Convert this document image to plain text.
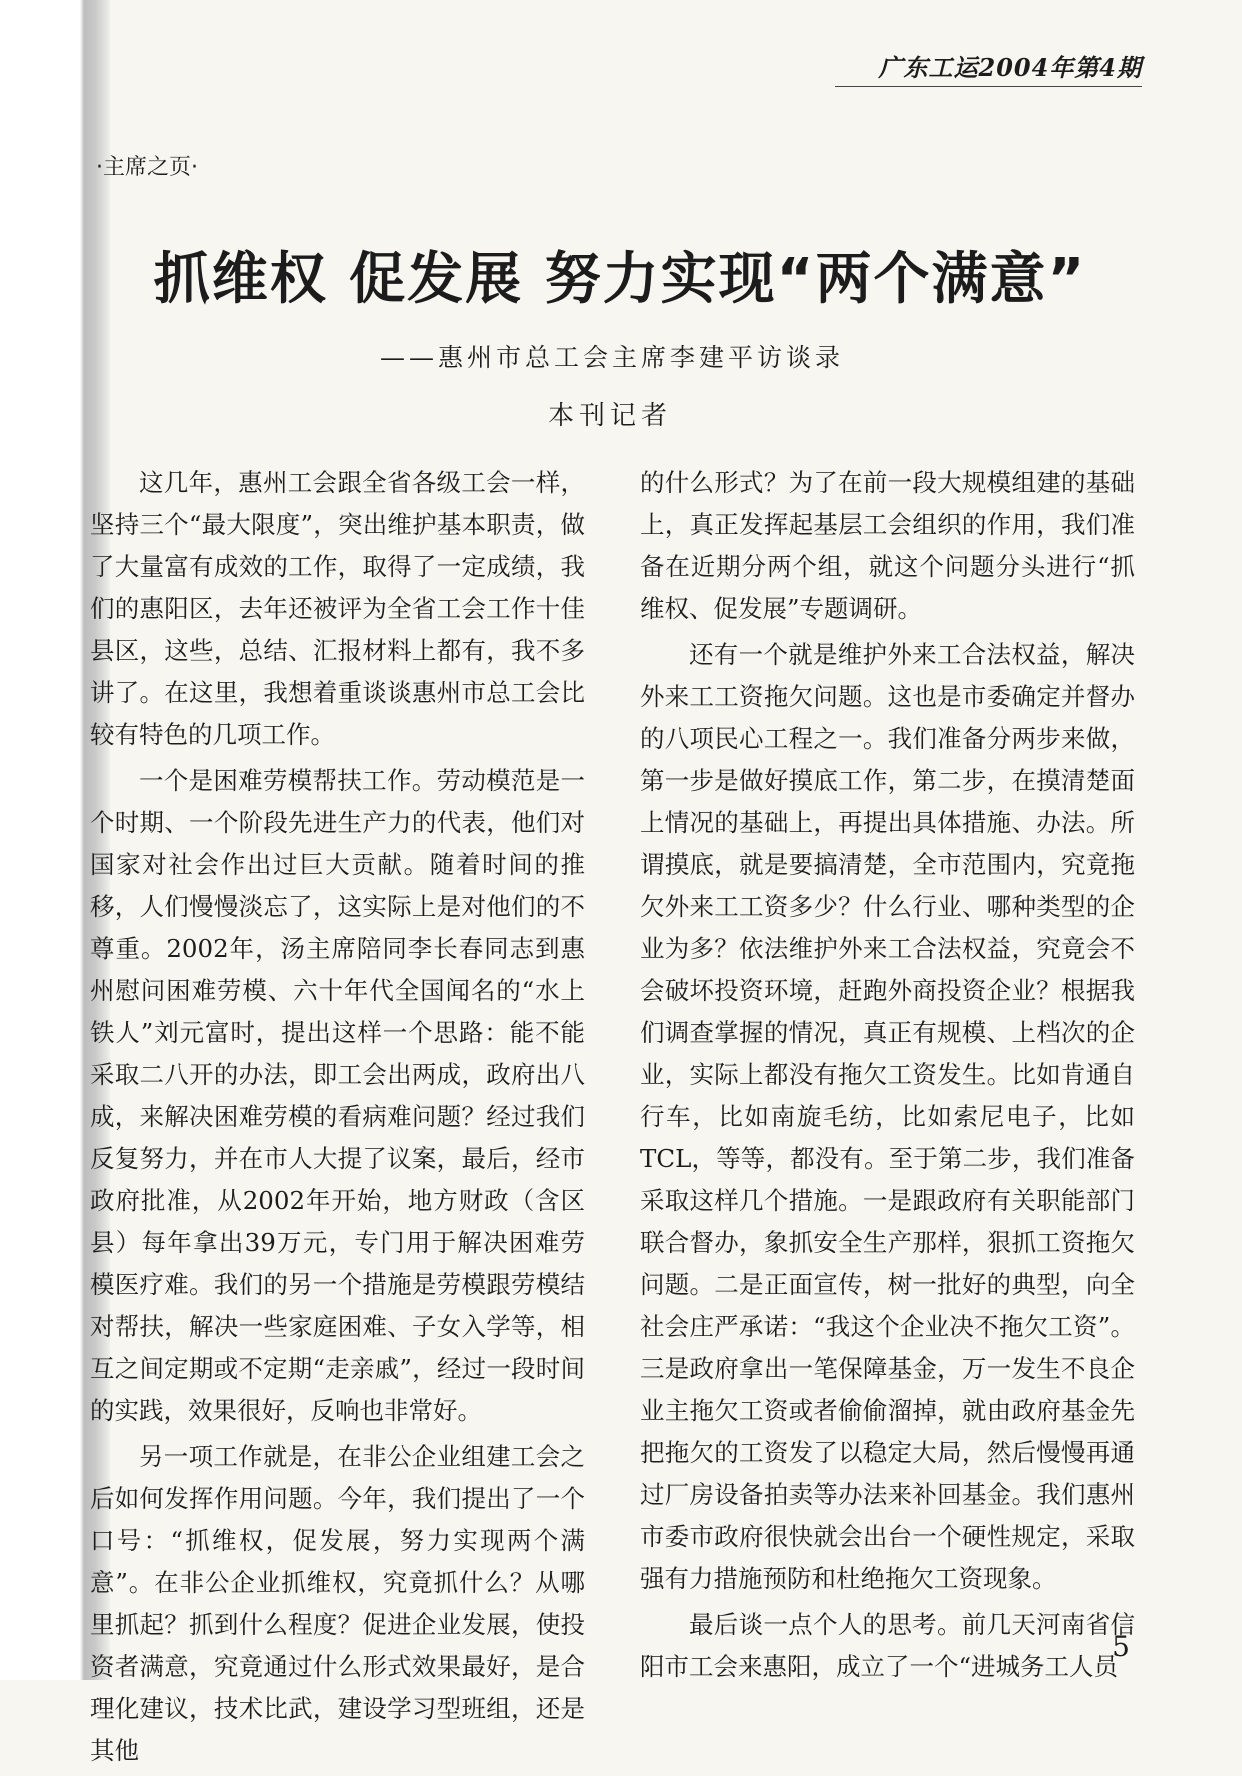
广东工运2004年第4期
·主席之页·
抓维权 促发展 努力实现“两个满意”
——惠州市总工会主席李建平访谈录
本刊记者

这几年，惠州工会跟全省各级工会一样，坚持三个“最大限度”，突出维护基本职责，做了大量富有成效的工作，取得了一定成绩，我们的惠阳区，去年还被评为全省工会工作十佳县区，这些，总结、汇报材料上都有，我不多讲了。在这里，我想着重谈谈惠州市总工会比较有特色的几项工作。

一个是困难劳模帮扶工作。劳动模范是一个时期、一个阶段先进生产力的代表，他们对国家对社会作出过巨大贡献。随着时间的推移，人们慢慢淡忘了，这实际上是对他们的不尊重。2002年，汤主席陪同李长春同志到惠州慰问困难劳模、六十年代全国闻名的“水上铁人”刘元富时，提出这样一个思路：能不能采取二八开的办法，即工会出两成，政府出八成，来解决困难劳模的看病难问题？经过我们反复努力，并在市人大提了议案，最后，经市政府批准，从2002年开始，地方财政（含区县）每年拿出39万元，专门用于解决困难劳模医疗难。我们的另一个措施是劳模跟劳模结对帮扶，解决一些家庭困难、子女入学等，相互之间定期或不定期“走亲戚”，经过一段时间的实践，效果很好，反响也非常好。

另一项工作就是，在非公企业组建工会之后如何发挥作用问题。今年，我们提出了一个口号：“抓维权，促发展，努力实现两个满意”。在非公企业抓维权，究竟抓什么？从哪里抓起？抓到什么程度？促进企业发展，使投资者满意，究竟通过什么形式效果最好，是合理化建议，技术比武，建设学习型班组，还是其他

的什么形式？为了在前一段大规模组建的基础上，真正发挥起基层工会组织的作用，我们准备在近期分两个组，就这个问题分头进行“抓维权、促发展”专题调研。

还有一个就是维护外来工合法权益，解决外来工工资拖欠问题。这也是市委确定并督办的八项民心工程之一。我们准备分两步来做，第一步是做好摸底工作，第二步，在摸清楚面上情况的基础上，再提出具体措施、办法。所谓摸底，就是要搞清楚，全市范围内，究竟拖欠外来工工资多少？什么行业、哪种类型的企业为多？依法维护外来工合法权益，究竟会不会破坏投资环境，赶跑外商投资企业？根据我们调查掌握的情况，真正有规模、上档次的企业，实际上都没有拖欠工资发生。比如肯通自行车，比如南旋毛纺，比如索尼电子，比如TCL，等等，都没有。至于第二步，我们准备采取这样几个措施。一是跟政府有关职能部门联合督办，象抓安全生产那样，狠抓工资拖欠问题。二是正面宣传，树一批好的典型，向全社会庄严承诺：“我这个企业决不拖欠工资”。三是政府拿出一笔保障基金，万一发生不良企业主拖欠工资或者偷偷溜掉，就由政府基金先把拖欠的工资发了以稳定大局，然后慢慢再通过厂房设备拍卖等办法来补回基金。我们惠州市委市政府很快就会出台一个硬性规定，采取强有力措施预防和杜绝拖欠工资现象。

最后谈一点个人的思考。前几天河南省信阳市工会来惠阳，成立了一个“进城务工人员

5
